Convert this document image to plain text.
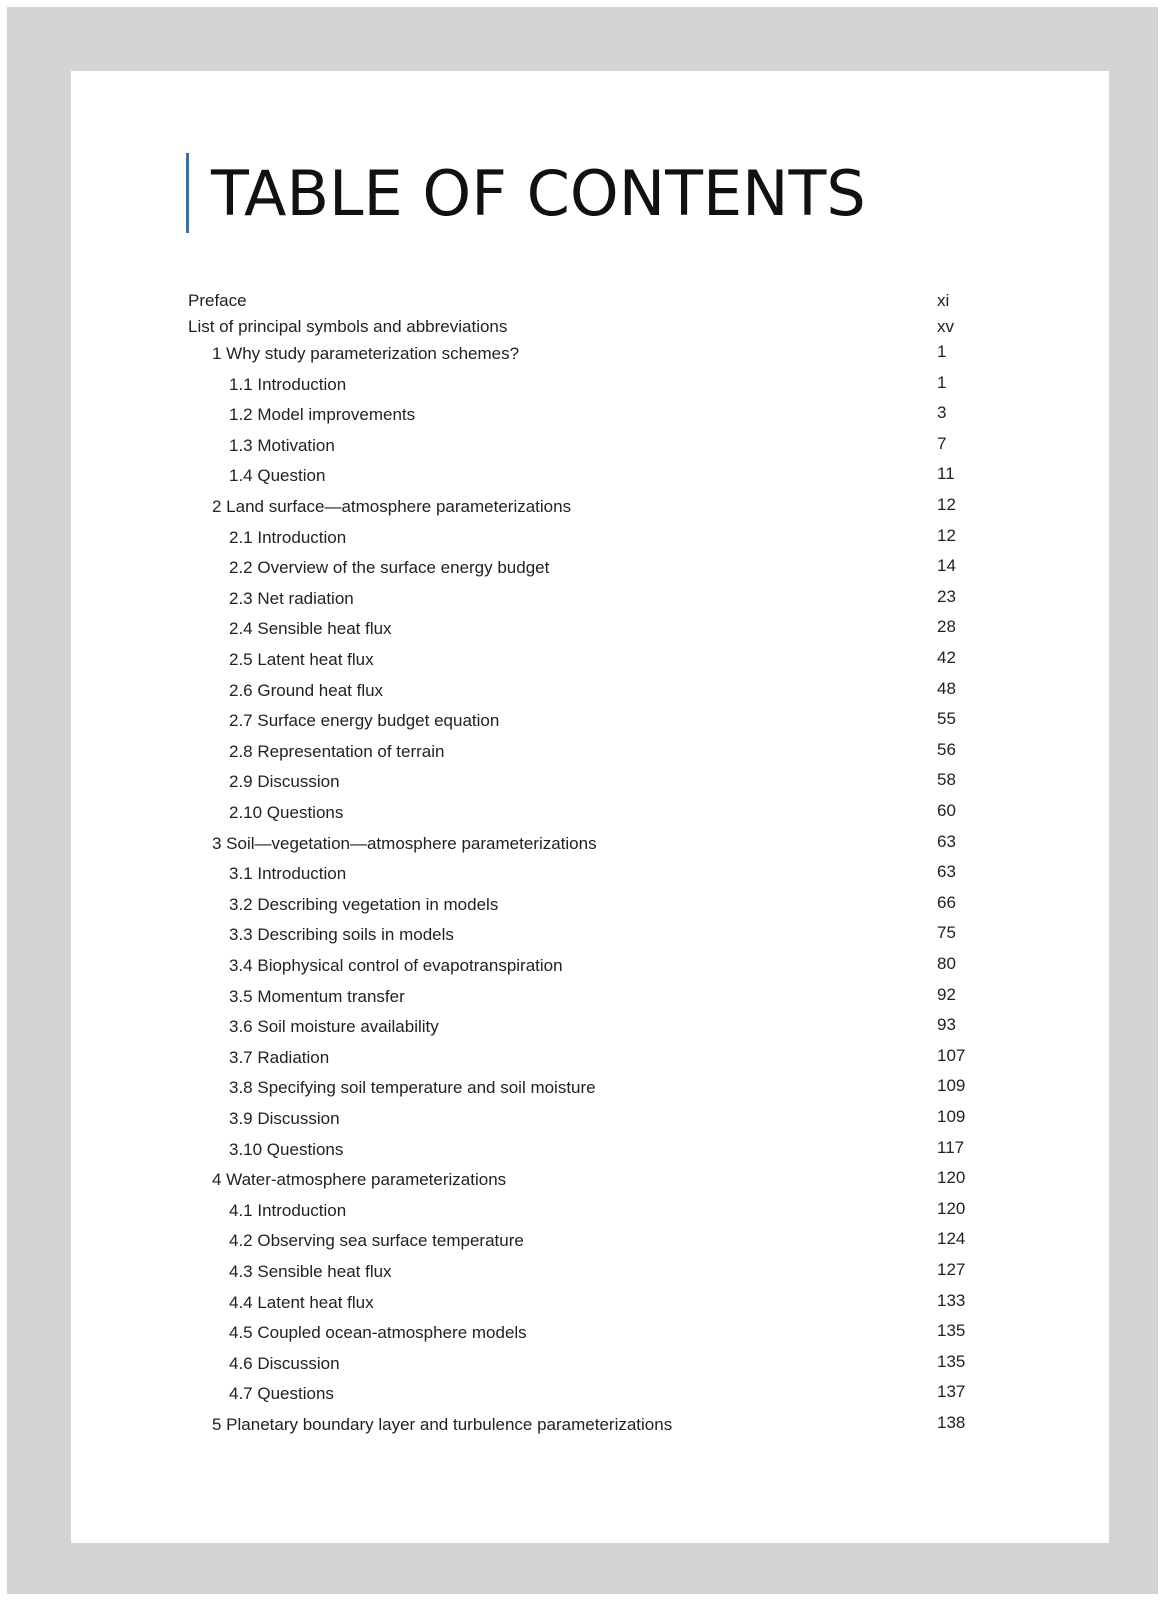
TABLE OF CONTENTS
Preface	xi
List of principal symbols and abbreviations	xv
1 Why study parameterization schemes?	1
1.1 Introduction	1
1.2 Model improvements	3
1.3 Motivation	7
1.4 Question	11
2 Land surface—atmosphere parameterizations	12
2.1 Introduction	12
2.2 Overview of the surface energy budget	14
2.3 Net radiation	23
2.4 Sensible heat flux	28
2.5 Latent heat flux	42
2.6 Ground heat flux	48
2.7 Surface energy budget equation	55
2.8 Representation of terrain	56
2.9 Discussion	58
2.10 Questions	60
3 Soil—vegetation—atmosphere parameterizations	63
3.1 Introduction	63
3.2 Describing vegetation in models	66
3.3 Describing soils in models	75
3.4 Biophysical control of evapotranspiration	80
3.5 Momentum transfer	92
3.6 Soil moisture availability	93
3.7 Radiation	107
3.8 Specifying soil temperature and soil moisture	109
3.9 Discussion	109
3.10 Questions	117
4 Water-atmosphere parameterizations	120
4.1 Introduction	120
4.2 Observing sea surface temperature	124
4.3 Sensible heat flux	127
4.4 Latent heat flux	133
4.5 Coupled ocean-atmosphere models	135
4.6 Discussion	135
4.7 Questions	137
5 Planetary boundary layer and turbulence parameterizations	138
